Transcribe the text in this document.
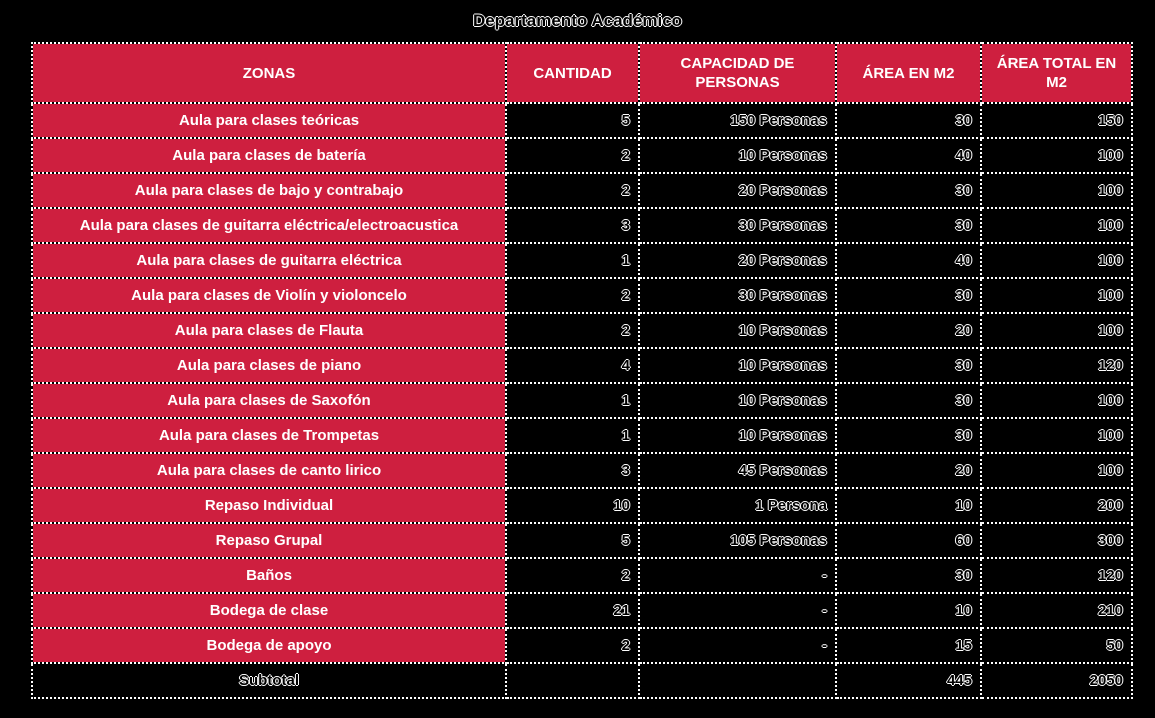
Departamento Académico
ZONAS	CANTIDAD	CAPACIDAD DE PERSONAS	ÁREA EN M2	ÁREA TOTAL EN M2
Aula para clases teóricas	5	150 Personas	30	150
Aula para clases de batería	2	10 Personas	40	100
Aula para clases de bajo y contrabajo	2	20 Personas	30	100
Aula para clases de guitarra eléctrica/electroacustica	3	30 Personas	30	100
Aula para clases de guitarra eléctrica	1	20 Personas	40	100
Aula para clases de Violín y violoncelo	2	30 Personas	30	100
Aula para clases de Flauta	2	10 Personas	20	100
Aula para clases de piano	4	10 Personas	30	120
Aula para clases de Saxofón	1	10 Personas	30	100
Aula para clases de Trompetas	1	10 Personas	30	100
Aula para clases de canto lirico	3	45 Personas	20	100
Repaso Individual	10	1 Persona	10	200
Repaso Grupal	5	105 Personas	60	300
Baños	2	-	30	120
Bodega de clase	21	-	10	210
Bodega de apoyo	2	-	15	50
Subtotal			445	2050
